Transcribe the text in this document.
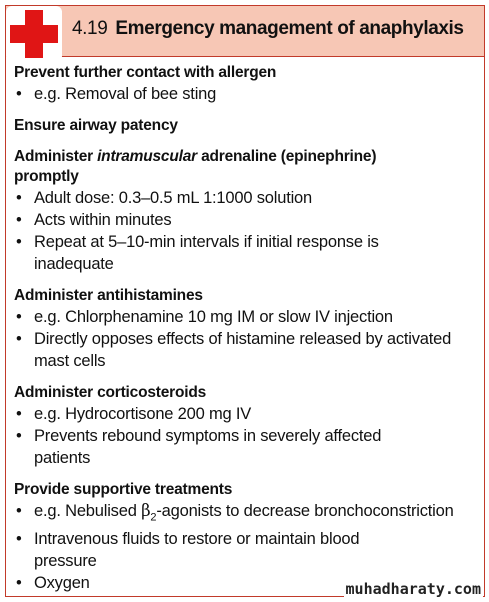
4.19 Emergency management of anaphylaxis
Prevent further contact with allergen
• e.g. Removal of bee sting
Ensure airway patency
Administer intramuscular adrenaline (epinephrine)
promptly
• Adult dose: 0.3–0.5 mL 1:1000 solution
• Acts within minutes
• Repeat at 5–10-min intervals if initial response is
inadequate
Administer antihistamines
• e.g. Chlorphenamine 10 mg IM or slow IV injection
• Directly opposes effects of histamine released by activated
mast cells
Administer corticosteroids
• e.g. Hydrocortisone 200 mg IV
• Prevents rebound symptoms in severely affected
patients
Provide supportive treatments
• e.g. Nebulised $\beta_2$-agonists to decrease bronchoconstriction
• Intravenous fluids to restore or maintain blood
pressure
• Oxygen	muhadharaty.com
